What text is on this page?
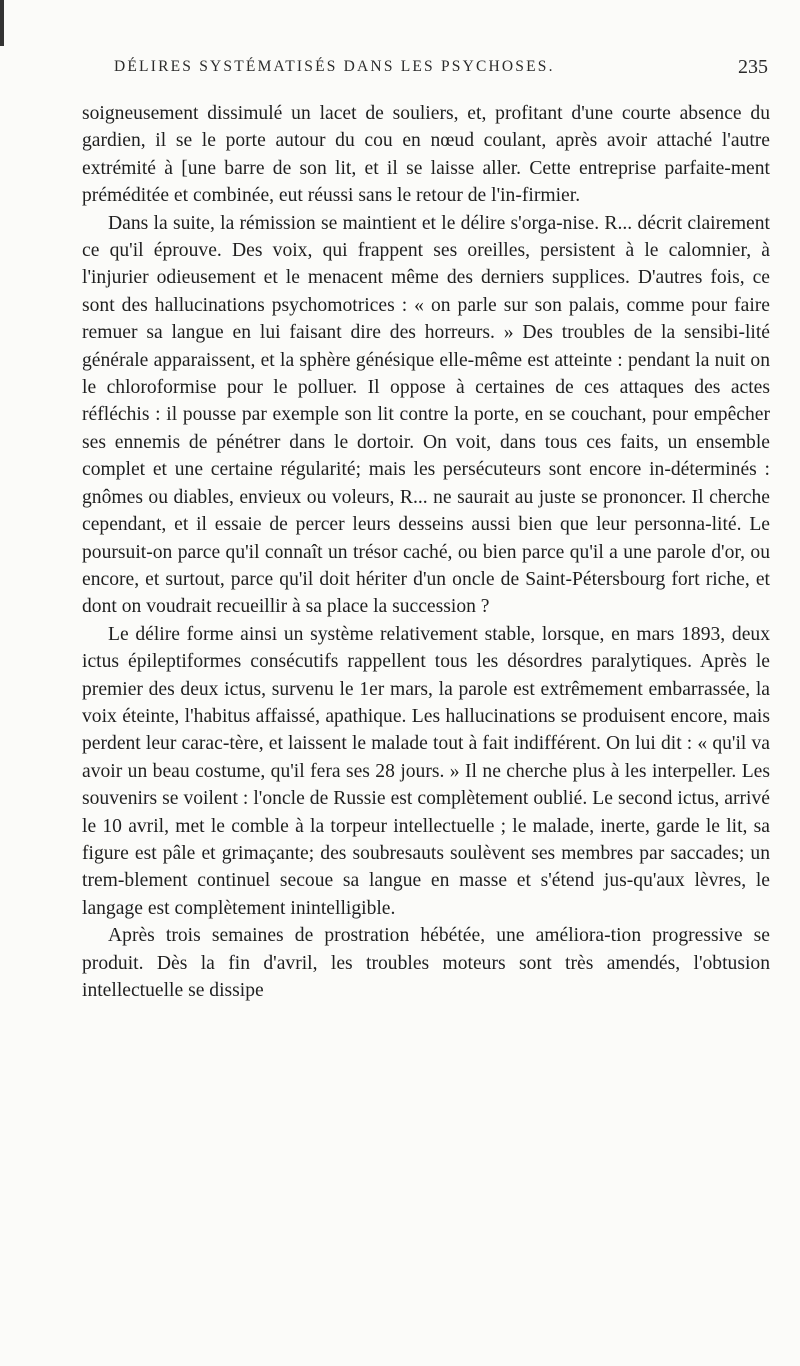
DÉLIRES SYSTÉMATISÉS DANS LES PSYCHOSES.	235

soigneusement dissimulé un lacet de souliers, et, profitant d'une courte absence du gardien, il se le porte autour du cou en nœud coulant, après avoir attaché l'autre extrémité à [une barre de son lit, et il se laisse aller. Cette entreprise parfaite-ment préméditée et combinée, eut réussi sans le retour de l'in-firmier.

Dans la suite, la rémission se maintient et le délire s'orga-nise. R... décrit clairement ce qu'il éprouve. Des voix, qui frappent ses oreilles, persistent à le calomnier, à l'injurier odieusement et le menacent même des derniers supplices. D'autres fois, ce sont des hallucinations psychomotrices : « on parle sur son palais, comme pour faire remuer sa langue en lui faisant dire des horreurs. » Des troubles de la sensibi-lité générale apparaissent, et la sphère génésique elle-même est atteinte : pendant la nuit on le chloroformise pour le polluer. Il oppose à certaines de ces attaques des actes réfléchis : il pousse par exemple son lit contre la porte, en se couchant, pour empêcher ses ennemis de pénétrer dans le dortoir. On voit, dans tous ces faits, un ensemble complet et une certaine régularité; mais les persécuteurs sont encore in-déterminés : gnômes ou diables, envieux ou voleurs, R... ne saurait au juste se prononcer. Il cherche cependant, et il essaie de percer leurs desseins aussi bien que leur personna-lité. Le poursuit-on parce qu'il connaît un trésor caché, ou bien parce qu'il a une parole d'or, ou encore, et surtout, parce qu'il doit hériter d'un oncle de Saint-Pétersbourg fort riche, et dont on voudrait recueillir à sa place la succession ?

Le délire forme ainsi un système relativement stable, lorsque, en mars 1893, deux ictus épileptiformes consécutifs rappellent tous les désordres paralytiques. Après le premier des deux ictus, survenu le 1er mars, la parole est extrêmement embarrassée, la voix éteinte, l'habitus affaissé, apathique. Les hallucinations se produisent encore, mais perdent leur carac-tère, et laissent le malade tout à fait indifférent. On lui dit : « qu'il va avoir un beau costume, qu'il fera ses 28 jours. » Il ne cherche plus à les interpeller. Les souvenirs se voilent : l'oncle de Russie est complètement oublié. Le second ictus, arrivé le 10 avril, met le comble à la torpeur intellectuelle ; le malade, inerte, garde le lit, sa figure est pâle et grimaçante; des soubresauts soulèvent ses membres par saccades; un trem-blement continuel secoue sa langue en masse et s'étend jus-qu'aux lèvres, le langage est complètement inintelligible.

Après trois semaines de prostration hébétée, une améliora-tion progressive se produit. Dès la fin d'avril, les troubles moteurs sont très amendés, l'obtusion intellectuelle se dissipe
